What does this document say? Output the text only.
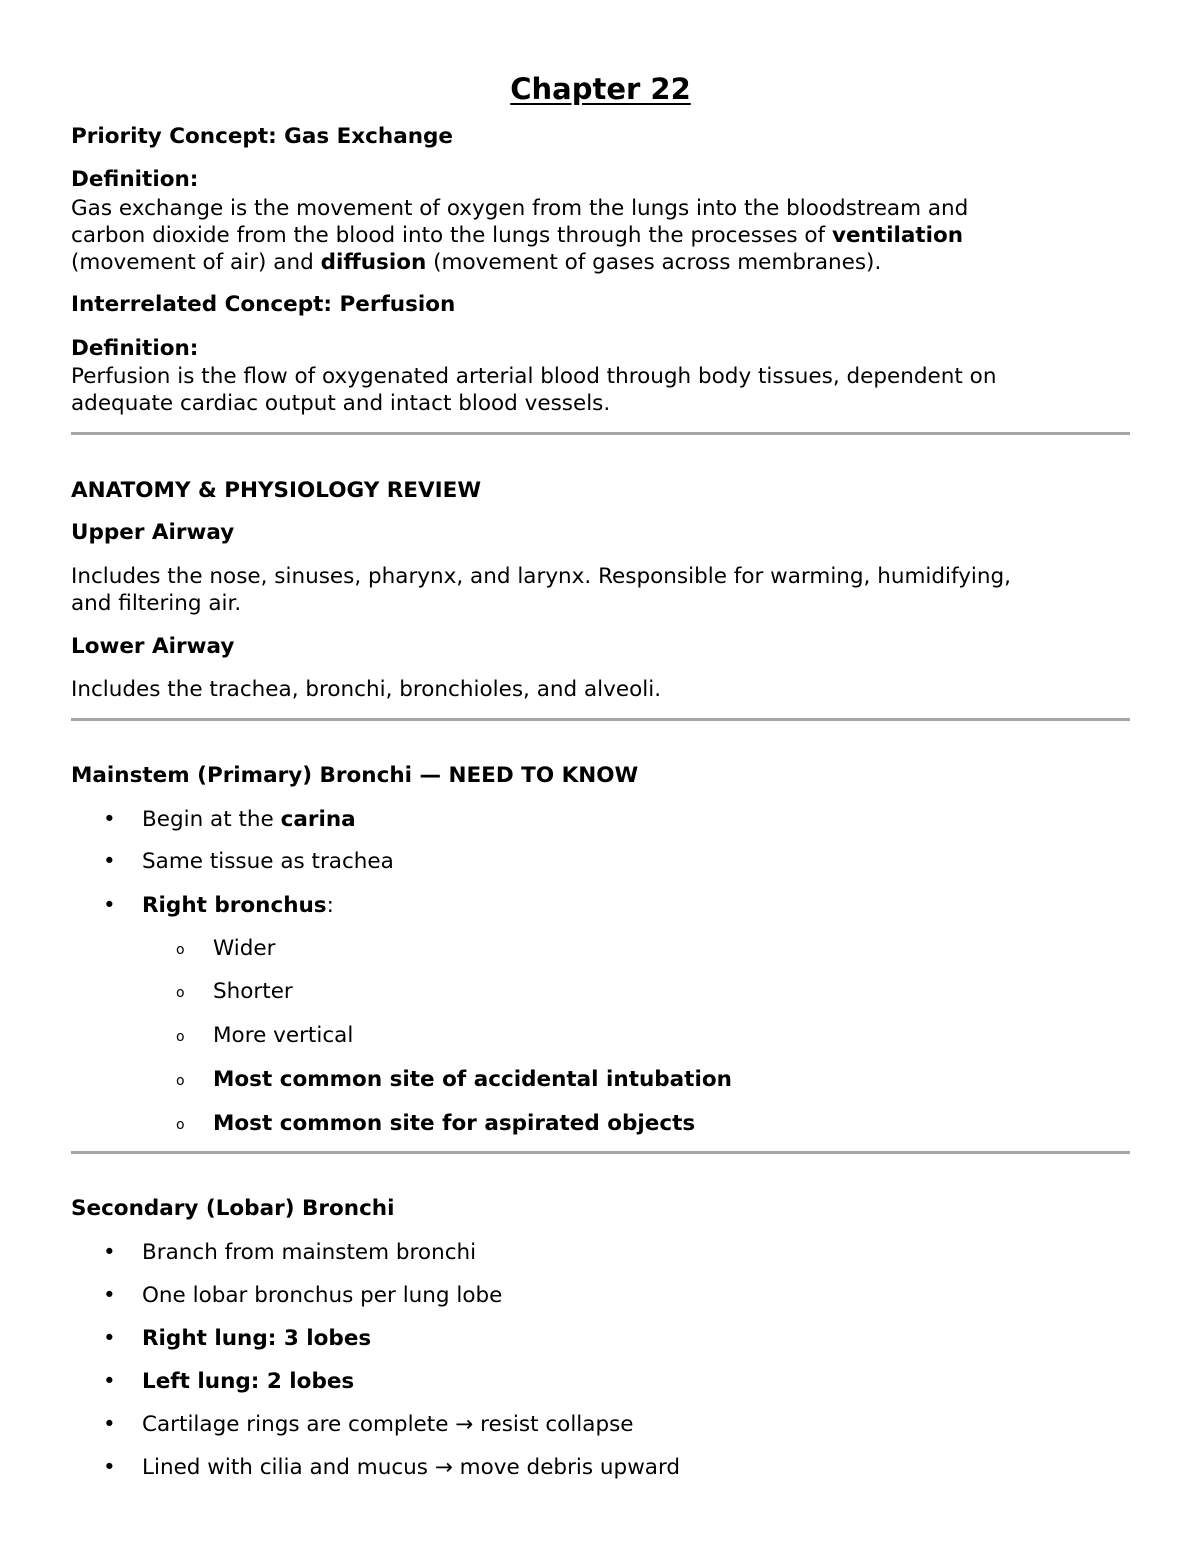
Chapter 22
Priority Concept: Gas Exchange
Definition:
Gas exchange is the movement of oxygen from the lungs into the bloodstream and
carbon dioxide from the blood into the lungs through the processes of ventilation
(movement of air) and diffusion (movement of gases across membranes).
Interrelated Concept: Perfusion
Definition:
Perfusion is the flow of oxygenated arterial blood through body tissues, dependent on
adequate cardiac output and intact blood vessels.
ANATOMY & PHYSIOLOGY REVIEW
Upper Airway
Includes the nose, sinuses, pharynx, and larynx. Responsible for warming, humidifying,
and filtering air.
Lower Airway
Includes the trachea, bronchi, bronchioles, and alveoli.
Mainstem (Primary) Bronchi — NEED TO KNOW
• Begin at the carina
• Same tissue as trachea
• Right bronchus:
o Wider
o Shorter
o More vertical
o Most common site of accidental intubation
o Most common site for aspirated objects
Secondary (Lobar) Bronchi
• Branch from mainstem bronchi
• One lobar bronchus per lung lobe
• Right lung: 3 lobes
• Left lung: 2 lobes
• Cartilage rings are complete → resist collapse
• Lined with cilia and mucus → move debris upward
